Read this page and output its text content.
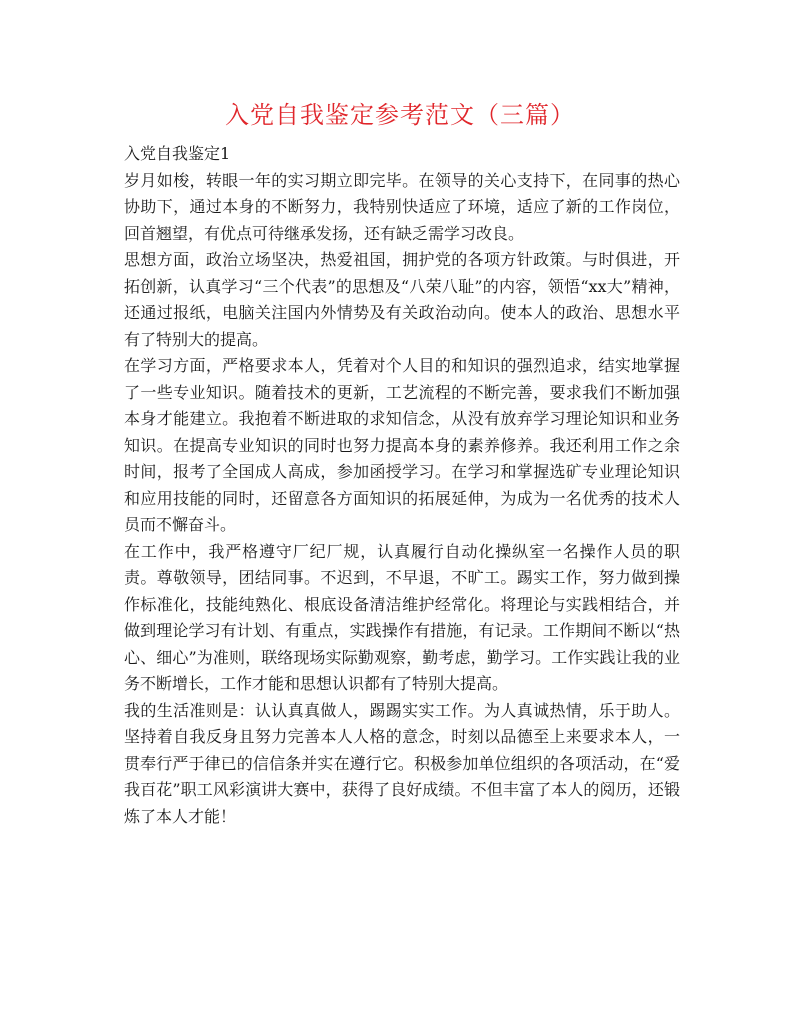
入党自我鉴定参考范文（三篇）

入党自我鉴定1

岁月如梭，转眼一年的实习期立即完毕。在领导的关心支持下，在同事的热心协助下，通过本身的不断努力，我特别快适应了环境，适应了新的工作岗位，回首翘望，有优点可待继承发扬，还有缺乏需学习改良。

思想方面，政治立场坚决，热爱祖国，拥护党的各项方针政策。与时俱进，开拓创新，认真学习“三个代表”的思想及“八荣八耻”的内容，领悟“xx大”精神，还通过报纸，电脑关注国内外情势及有关政治动向。使本人的政治、思想水平有了特别大的提高。

在学习方面，严格要求本人，凭着对个人目的和知识的强烈追求，结实地掌握了一些专业知识。随着技术的更新，工艺流程的不断完善，要求我们不断加强本身才能建立。我抱着不断进取的求知信念，从没有放弃学习理论知识和业务知识。在提高专业知识的同时也努力提高本身的素养修养。我还利用工作之余时间，报考了全国成人高成，参加函授学习。在学习和掌握选矿专业理论知识和应用技能的同时，还留意各方面知识的拓展延伸，为成为一名优秀的技术人员而不懈奋斗。

在工作中，我严格遵守厂纪厂规，认真履行自动化操纵室一名操作人员的职责。尊敬领导，团结同事。不迟到，不早退，不旷工。踢实工作，努力做到操作标准化，技能纯熟化、根底设备清洁维护经常化。将理论与实践相结合，并做到理论学习有计划、有重点，实践操作有措施，有记录。工作期间不断以“热心、细心”为准则，联络现场实际勤观察，勤考虑，勤学习。工作实践让我的业务不断增长，工作才能和思想认识都有了特别大提高。

我的生活准则是：认认真真做人，踢踢实实工作。为人真诚热情，乐于助人。坚持着自我反身且努力完善本人人格的意念，时刻以品德至上来要求本人，一贯奉行严于律已的信信条并实在遵行它。积极参加单位组织的各项活动，在“爱我百花”职工风彩演讲大赛中，获得了良好成绩。不但丰富了本人的阅历，还锻炼了本人才能！
